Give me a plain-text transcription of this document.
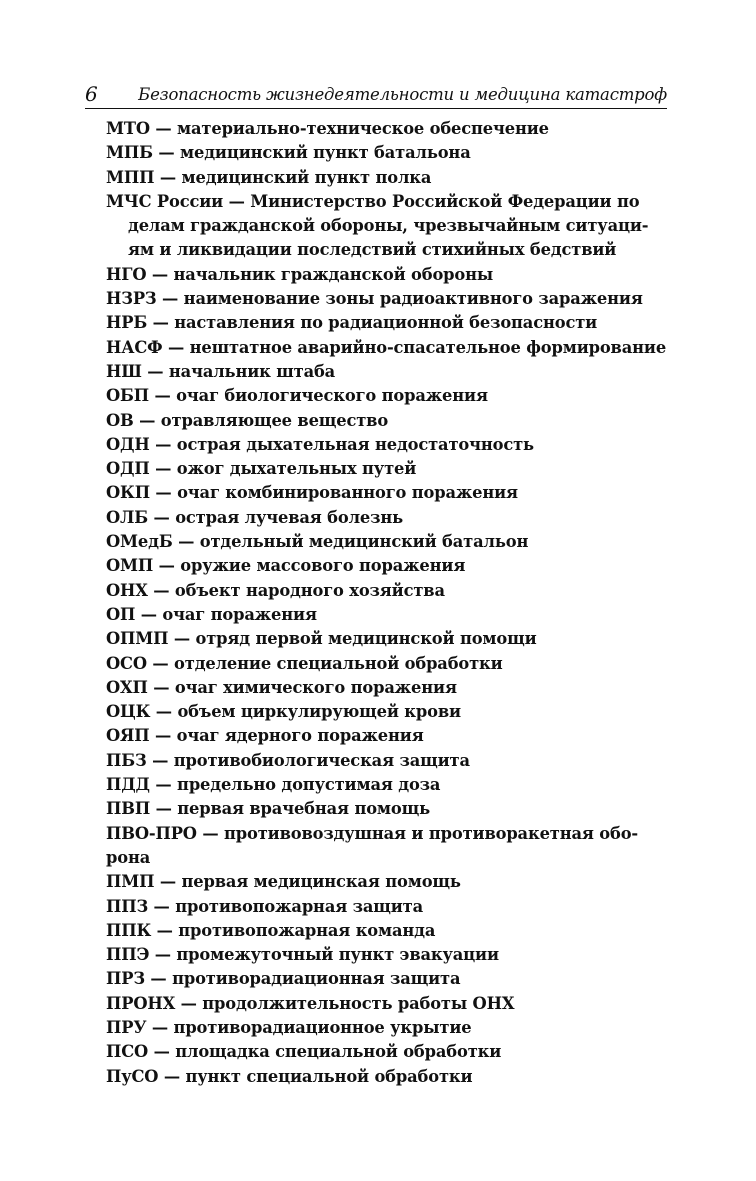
6 Безопасность жизнедеятельности и медицина катастроф
МТО — материально-техническое обеспечение
МПБ — медицинский пункт батальона
МПП — медицинский пункт полка
МЧС России — Министерство Российской Федерации по
делам гражданской обороны, чрезвычайным ситуаци-
ям и ликвидации последствий стихийных бедствий
НГО — начальник гражданской обороны
НЗРЗ — наименование зоны радиоактивного заражения
НРБ — наставления по радиационной безопасности
НАСФ — нештатное аварийно-спасательное формирование
НШ — начальник штаба
ОБП — очаг биологического поражения
ОВ — отравляющее вещество
ОДН — острая дыхательная недостаточность
ОДП — ожог дыхательных путей
ОКП — очаг комбинированного поражения
ОЛБ — острая лучевая болезнь
ОМедБ — отдельный медицинский батальон
ОМП — оружие массового поражения
ОНХ — объект народного хозяйства
ОП — очаг поражения
ОПМП — отряд первой медицинской помощи
ОСО — отделение специальной обработки
ОХП — очаг химического поражения
ОЦК — объем циркулирующей крови
ОЯП — очаг ядерного поражения
ПБЗ — противобиологическая защита
ПДД — предельно допустимая доза
ПВП — первая врачебная помощь
ПВО-ПРО — противовоздушная и противоракетная обо-
рона
ПМП — первая медицинская помощь
ППЗ — противопожарная защита
ППК — противопожарная команда
ППЭ — промежуточный пункт эвакуации
ПРЗ — противорадиационная защита
ПРОНХ — продолжительность работы ОНХ
ПРУ — противорадиационное укрытие
ПСО — площадка специальной обработки
ПуСО — пункт специальной обработки
